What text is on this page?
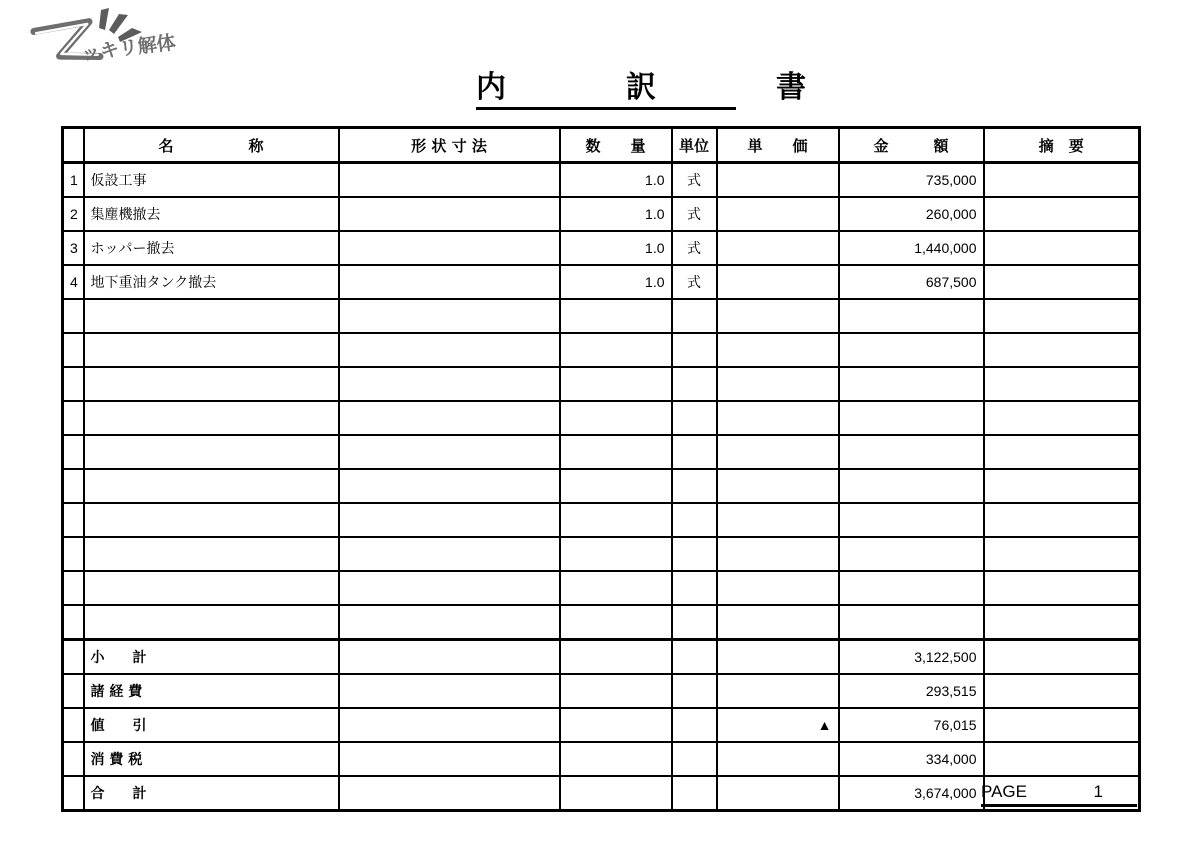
ッキリ解体
内　　　　訳　　　　書
	名　　　　　称	形 状 寸 法	数　　量	単位	単　　価	金　　　額	摘　要
1	仮設工事		1.0	式		735,000	
2	集塵機撤去		1.0	式		260,000	
3	ホッパー撤去		1.0	式		1,440,000	
4	地下重油タンク撤去		1.0	式		687,500	

	小　　計					3,122,500	
	諸 経 費					293,515	
	値　　引				▲	76,015	
	消 費 税					334,000	
	合　　計					3,674,000	PAGE	1
